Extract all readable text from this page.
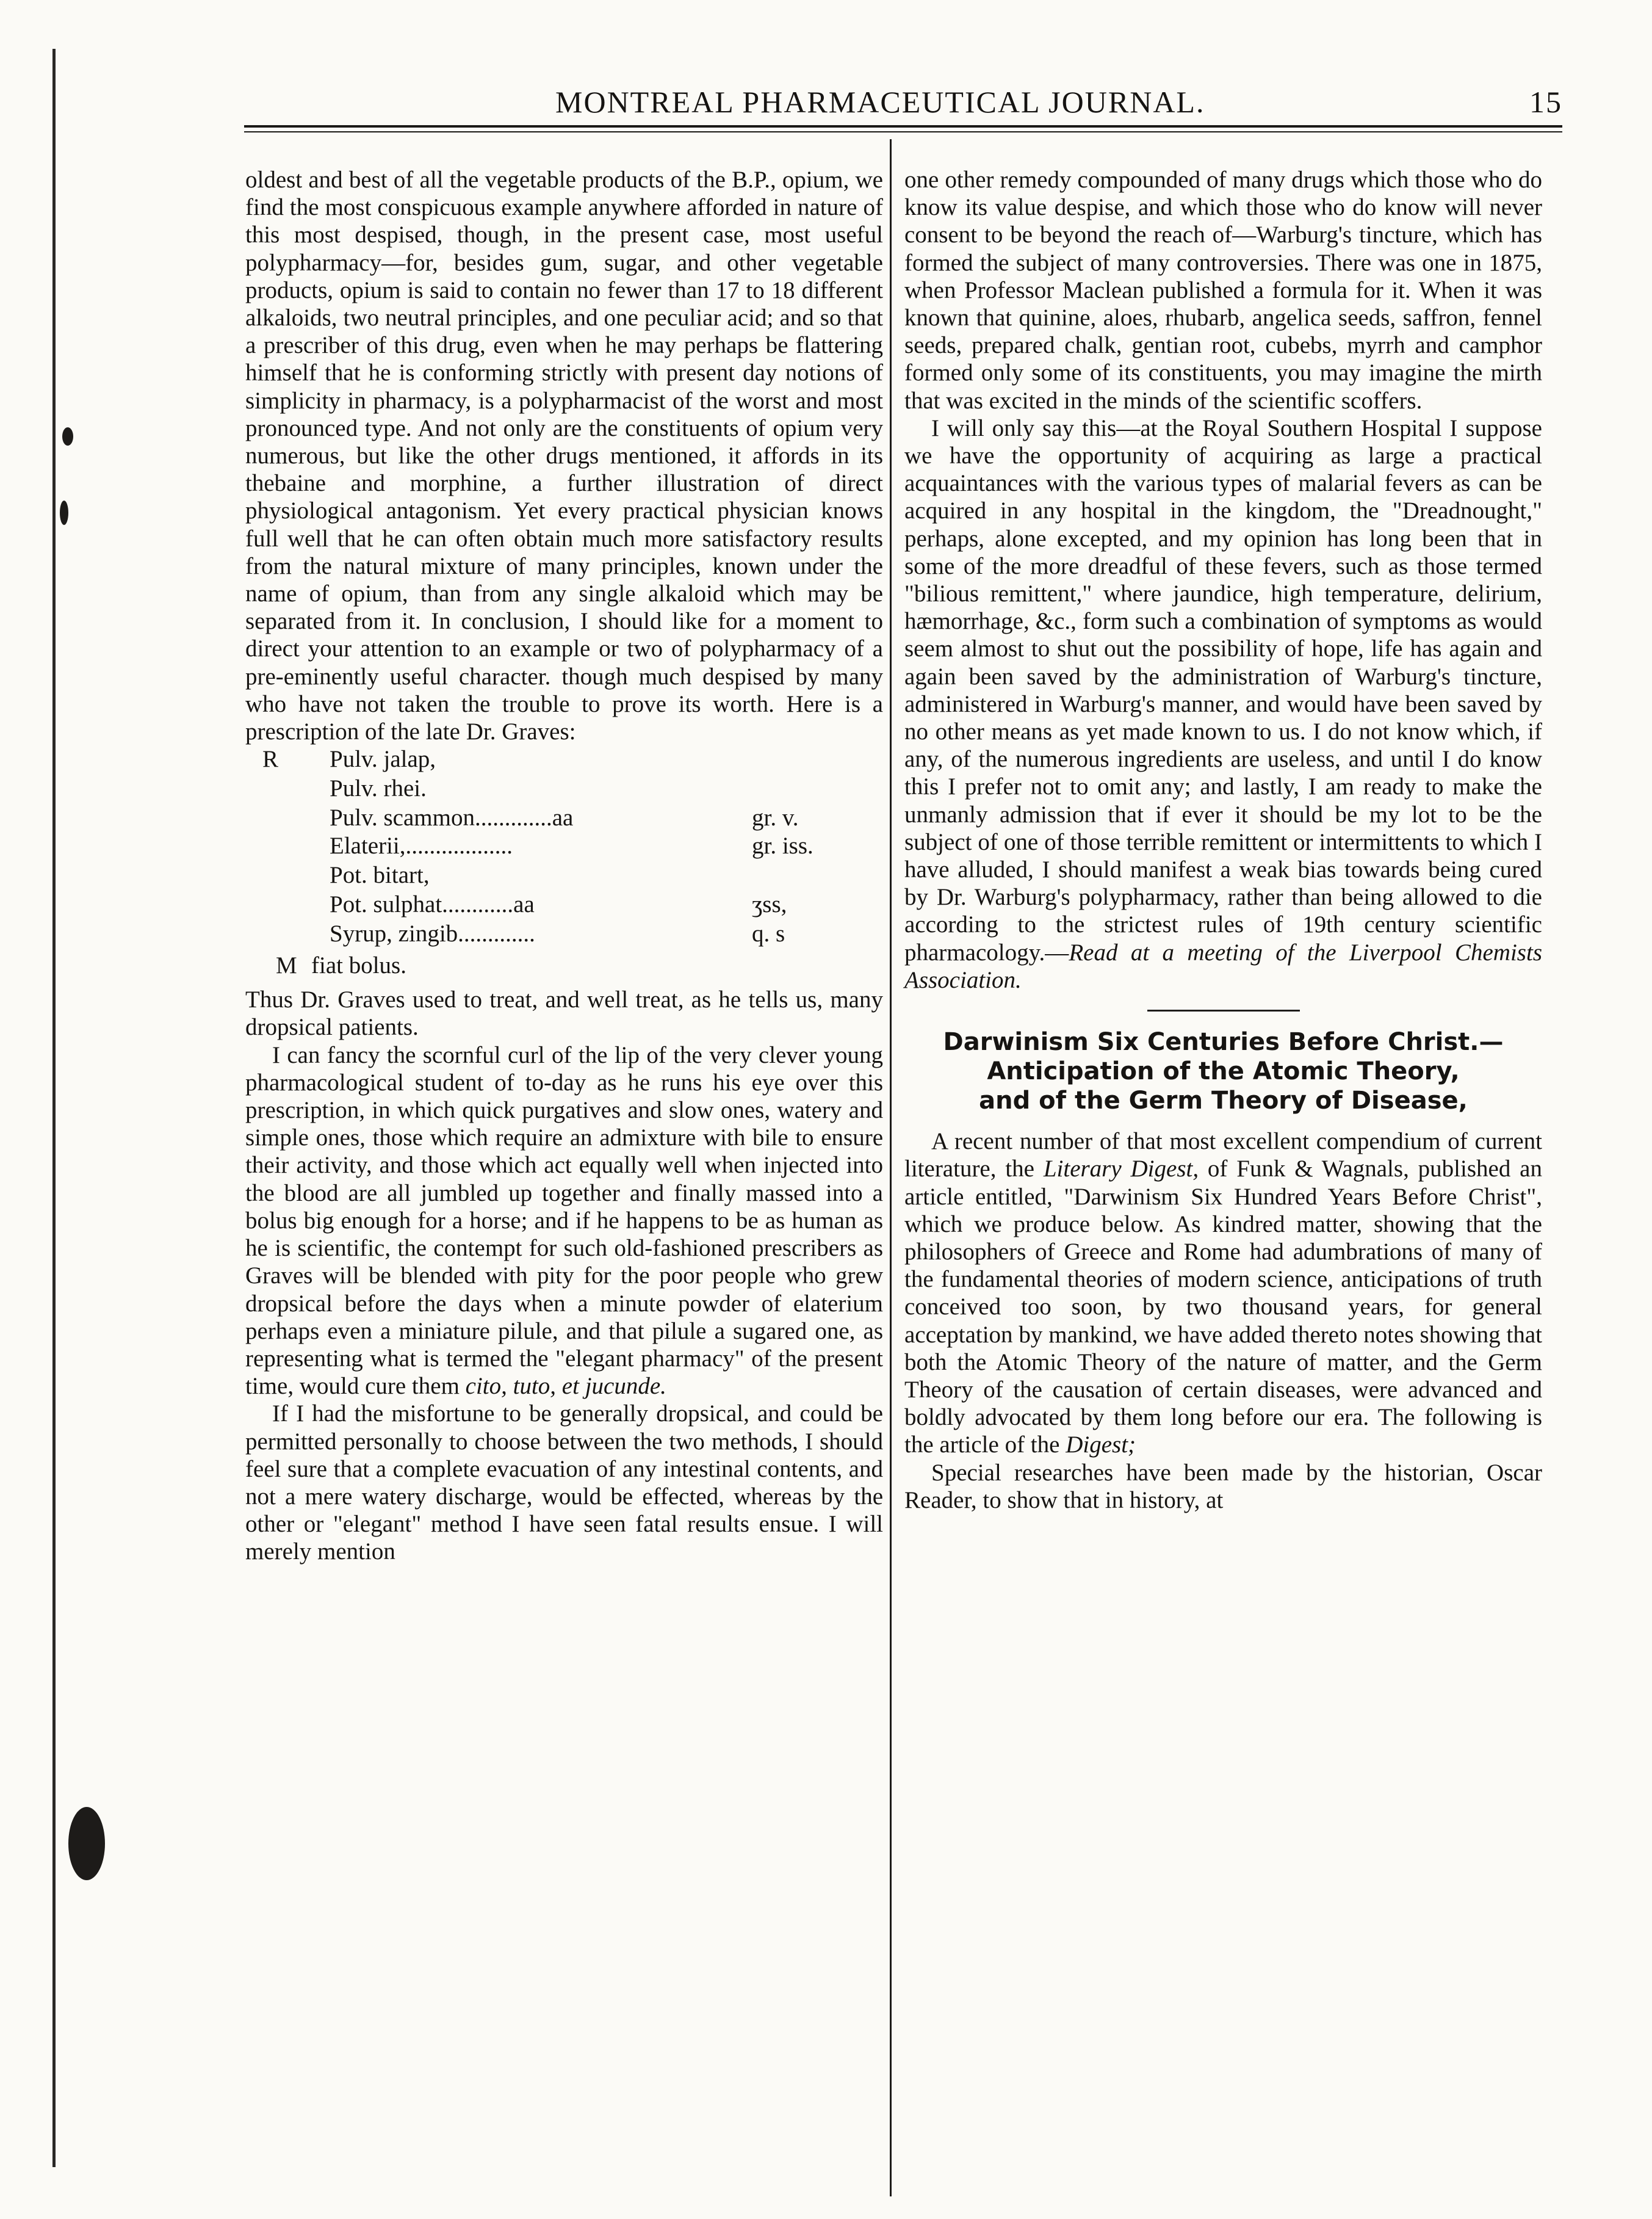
MONTREAL PHARMACEUTICAL JOURNAL.	15

oldest and best of all the vegetable products of the B.P., opium, we find the most conspicuous example anywhere afforded in nature of this most despised, though, in the present case, most useful polypharmacy—for, besides gum, sugar, and other vegetable products, opium is said to contain no fewer than 17 to 18 different alkaloids, two neutral principles, and one peculiar acid; and so that a prescriber of this drug, even when he may perhaps be flattering himself that he is conforming strictly with present day notions of simplicity in pharmacy, is a polypharmacist of the worst and most pronounced type. And not only are the constituents of opium very numerous, but like the other drugs mentioned, it affords in its thebaine and morphine, a further illustration of direct physiological antagonism. Yet every practical physician knows full well that he can often obtain much more satisfactory results from the natural mixture of many principles, known under the name of opium, than from any single alkaloid which may be separated from it. In conclusion, I should like for a moment to direct your attention to an example or two of polypharmacy of a pre-eminently useful character. though much despised by many who have not taken the trouble to prove its worth. Here is a prescription of the late Dr. Graves:

R Pulv. jalap,
Pulv. rhei.
Pulv. scammon.............aa	gr. v.
Elaterii,..................	gr. iss.
Pot. bitart,
Pot. sulphat............aa	ʒss,
Syrup, zingib.............	q. s
M fiat bolus.

Thus Dr. Graves used to treat, and well treat, as he tells us, many dropsical patients.

I can fancy the scornful curl of the lip of the very clever young pharmacological student of to-day as he runs his eye over this prescription, in which quick purgatives and slow ones, watery and simple ones, those which require an admixture with bile to ensure their activity, and those which act equally well when injected into the blood are all jumbled up together and finally massed into a bolus big enough for a horse; and if he happens to be as human as he is scientific, the contempt for such old-fashioned prescribers as Graves will be blended with pity for the poor people who grew dropsical before the days when a minute powder of elaterium perhaps even a miniature pilule, and that pilule a sugared one, as representing what is termed the "elegant pharmacy" of the present time, would cure them cito, tuto, et jucunde.

If I had the misfortune to be generally dropsical, and could be permitted personally to choose between the two methods, I should feel sure that a complete evacuation of any intestinal contents, and not a mere watery discharge, would be effected, whereas by the other or "elegant" method I have seen fatal results ensue. I will merely mention

one other remedy compounded of many drugs which those who do know its value despise, and which those who do know will never consent to be beyond the reach of—Warburg's tincture, which has formed the subject of many controversies. There was one in 1875, when Professor Maclean published a formula for it. When it was known that quinine, aloes, rhubarb, angelica seeds, saffron, fennel seeds, prepared chalk, gentian root, cubebs, myrrh and camphor formed only some of its constituents, you may imagine the mirth that was excited in the minds of the scientific scoffers.

I will only say this—at the Royal Southern Hospital I suppose we have the opportunity of acquiring as large a practical acquaintances with the various types of malarial fevers as can be acquired in any hospital in the kingdom, the "Dreadnought," perhaps, alone excepted, and my opinion has long been that in some of the more dreadful of these fevers, such as those termed "bilious remittent," where jaundice, high temperature, delirium, hæmorrhage, &c., form such a combination of symptoms as would seem almost to shut out the possibility of hope, life has again and again been saved by the administration of Warburg's tincture, administered in Warburg's manner, and would have been saved by no other means as yet made known to us. I do not know which, if any, of the numerous ingredients are useless, and until I do know this I prefer not to omit any; and lastly, I am ready to make the unmanly admission that if ever it should be my lot to be the subject of one of those terrible remittent or intermittents to which I have alluded, I should manifest a weak bias towards being cured by Dr. Warburg's polypharmacy, rather than being allowed to die according to the strictest rules of 19th century scientific pharmacology.—Read at a meeting of the Liverpool Chemists Association.

Darwinism Six Centuries Before Christ.—
Anticipation of the Atomic Theory,
and of the Germ Theory of Disease,

A recent number of that most excellent compendium of current literature, the Literary Digest, of Funk & Wagnals, published an article entitled, "Darwinism Six Hundred Years Before Christ", which we produce below. As kindred matter, showing that the philosophers of Greece and Rome had adumbrations of many of the fundamental theories of modern science, anticipations of truth conceived too soon, by two thousand years, for general acceptation by mankind, we have added thereto notes showing that both the Atomic Theory of the nature of matter, and the Germ Theory of the causation of certain diseases, were advanced and boldly advocated by them long before our era. The following is the article of the Digest;

Special researches have been made by the historian, Oscar Reader, to show that in history, at
